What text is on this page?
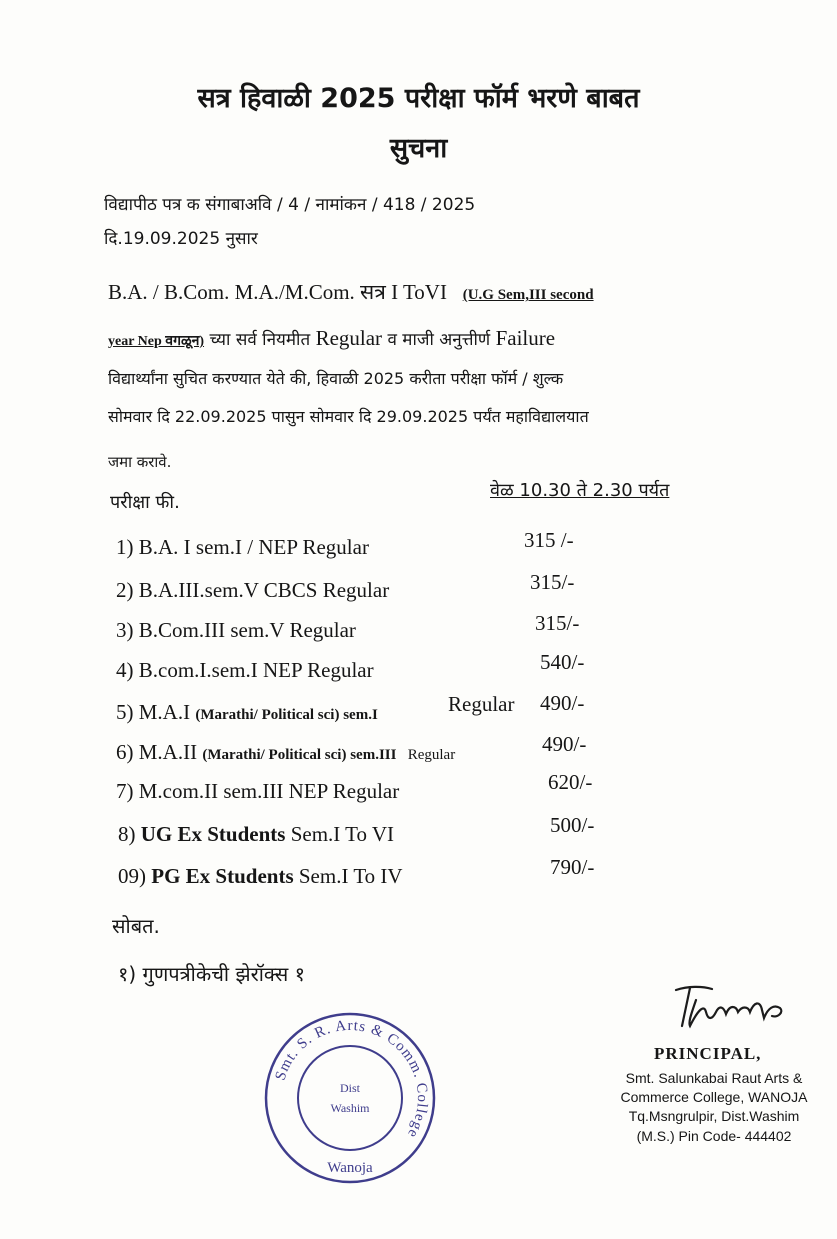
सत्र हिवाळी 2025 परीक्षा फॉर्म भरणे बाबत
सुचना
विद्यापीठ पत्र क संगाबाअवि / 4 / नामांकन / 418 / 2025
दि.19.09.2025 नुसार
B.A. / B.Com. M.A./M.Com. सत्र I ToVI (U.G Sem,III second
year Nep वगळून) च्या सर्व नियमीत Regular व माजी अनुत्तीर्ण Failure
विद्यार्थ्यांना सुचित करण्यात येते की, हिवाळी 2025 करीता परीक्षा फॉर्म / शुल्क
सोमवार दि 22.09.2025 पासुन सोमवार दि 29.09.2025 पर्यंत महाविद्यालयात
जमा करावे.
परीक्षा फी.
वेळ 10.30 ते 2.30 पर्यत
1) B.A. I sem.I / NEP Regular	315 /-
2) B.A.III.sem.V CBCS Regular	315/-
3) B.Com.III sem.V Regular	315/-
4) B.com.I.sem.I NEP Regular	540/-
5) M.A.I (Marathi/ Political sci) sem.I	Regular 490/-
6) M.A.II (Marathi/ Political sci) sem.III Regular	490/-
7) M.com.II sem.III NEP Regular	620/-
8) UG Ex Students Sem.I To VI	500/-
09) PG Ex Students Sem.I To IV	790/-
सोबत.
१) गुणपत्रीकेची झेरॉक्स १
PRINCIPAL,
Smt. Salunkabai Raut Arts &
Commerce College, WANOJA
Tq.Msngrulpir, Dist.Washim
(M.S.) Pin Code- 444402
Smt. S. R. Arts & Comm. College
Wanoja
Dist
Washim
